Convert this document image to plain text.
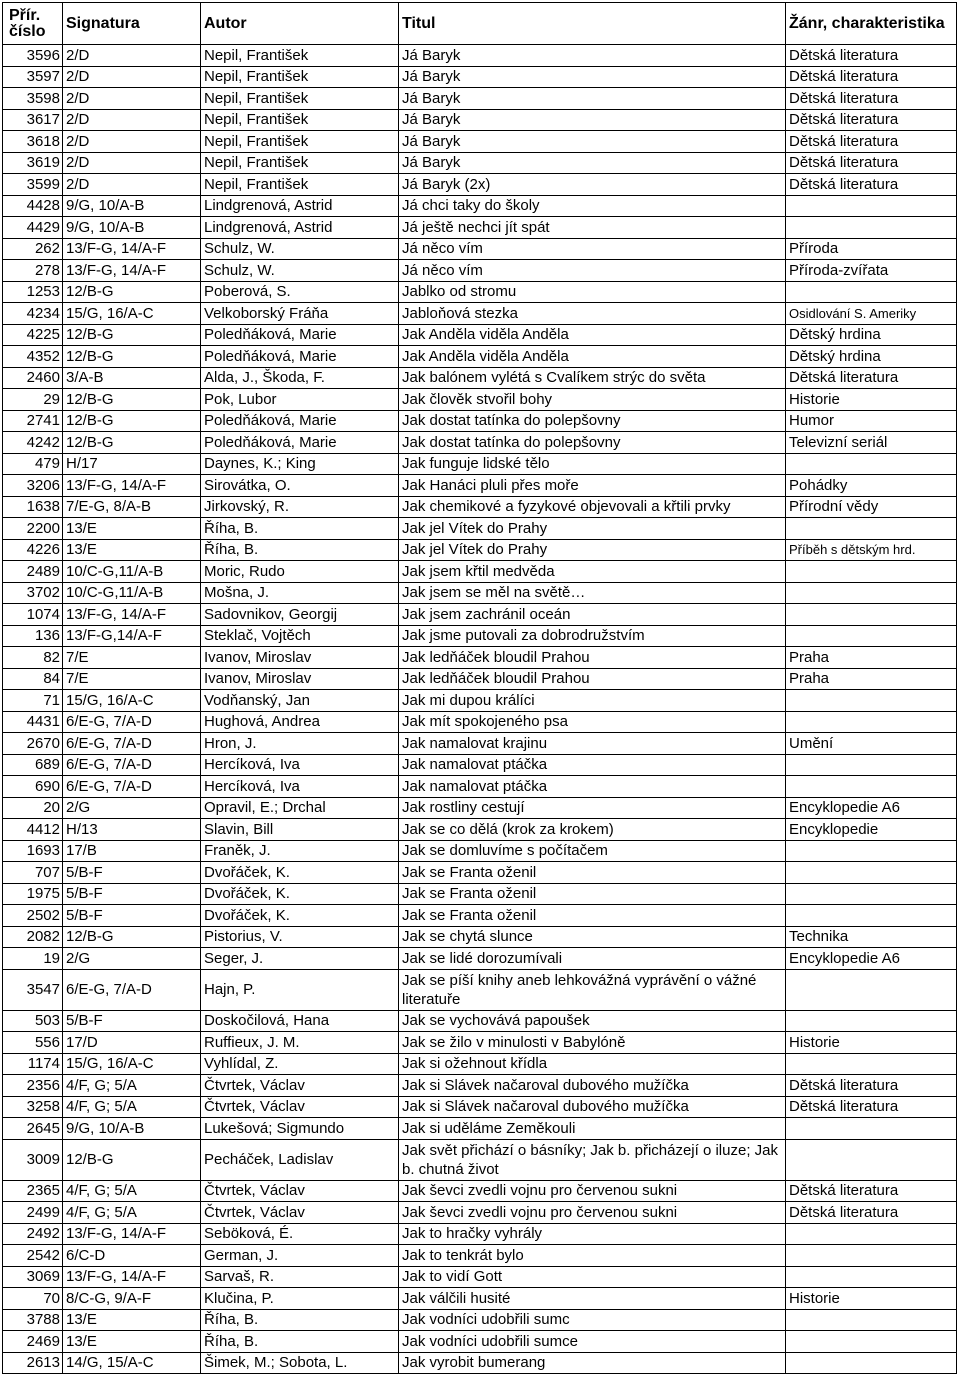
Přír. číslo	Signatura	Autor	Titul	Žánr, charakteristika
3596	2/D	Nepil, František	Já Baryk	Dětská literatura
3597	2/D	Nepil, František	Já Baryk	Dětská literatura
3598	2/D	Nepil, František	Já Baryk	Dětská literatura
3617	2/D	Nepil, František	Já Baryk	Dětská literatura
3618	2/D	Nepil, František	Já Baryk	Dětská literatura
3619	2/D	Nepil, František	Já Baryk	Dětská literatura
3599	2/D	Nepil, František	Já Baryk (2x)	Dětská literatura
4428	9/G, 10/A-B	Lindgrenová, Astrid	Já chci taky do školy	
4429	9/G, 10/A-B	Lindgrenová, Astrid	Já ještě nechci jít spát	
262	13/F-G, 14/A-F	Schulz, W.	Já něco vím	Příroda
278	13/F-G, 14/A-F	Schulz, W.	Já něco vím	Příroda-zvířata
1253	12/B-G	Poberová, S.	Jablko od stromu	
4234	15/G, 16/A-C	Velkoborský Fráňa	Jabloňová stezka	Osidlování S. Ameriky
4225	12/B-G	Poledňáková, Marie	Jak Anděla viděla Anděla	Dětský hrdina
4352	12/B-G	Poledňáková, Marie	Jak Anděla viděla Anděla	Dětský hrdina
2460	3/A-B	Alda, J., Škoda, F.	Jak balónem vylétá s Cvalíkem strýc do světa	Dětská literatura
29	12/B-G	Pok, Lubor	Jak člověk stvořil bohy	Historie
2741	12/B-G	Poledňáková, Marie	Jak dostat tatínka do polepšovny	Humor
4242	12/B-G	Poledňáková, Marie	Jak dostat tatínka do polepšovny	Televizní seriál
479	H/17	Daynes, K.; King	Jak funguje lidské tělo	
3206	13/F-G, 14/A-F	Sirovátka, O.	Jak Hanáci pluli přes moře	Pohádky
1638	7/E-G, 8/A-B	Jirkovský, R.	Jak chemikové a fyzykové objevovali a křtili prvky	Přírodní vědy
2200	13/E	Říha, B.	Jak jel Vítek do Prahy	
4226	13/E	Říha, B.	Jak jel Vítek do Prahy	Příběh s dětským hrd.
2489	10/C-G,11/A-B	Moric, Rudo	Jak jsem křtil medvěda	
3702	10/C-G,11/A-B	Mošna, J.	Jak jsem se měl na světě…	
1074	13/F-G, 14/A-F	Sadovnikov, Georgij	Jak jsem zachránil oceán	
136	13/F-G,14/A-F	Steklač, Vojtěch	Jak jsme putovali za dobrodružstvím	
82	7/E	Ivanov, Miroslav	Jak ledňáček bloudil Prahou	Praha
84	7/E	Ivanov, Miroslav	Jak ledňáček bloudil Prahou	Praha
71	15/G, 16/A-C	Vodňanský, Jan	Jak mi dupou králíci	
4431	6/E-G, 7/A-D	Hughová, Andrea	Jak mít spokojeného psa	
2670	6/E-G, 7/A-D	Hron, J.	Jak namalovat krajinu	Umění
689	6/E-G, 7/A-D	Hercíková, Iva	Jak namalovat ptáčka	
690	6/E-G, 7/A-D	Hercíková, Iva	Jak namalovat ptáčka	
20	2/G	Opravil, E.; Drchal	Jak rostliny cestují	Encyklopedie A6
4412	H/13	Slavin, Bill	Jak se co dělá (krok za krokem)	Encyklopedie
1693	17/B	Franěk, J.	Jak se domluvíme s počítačem	
707	5/B-F	Dvořáček, K.	Jak se Franta oženil	
1975	5/B-F	Dvořáček, K.	Jak se Franta oženil	
2502	5/B-F	Dvořáček, K.	Jak se Franta oženil	
2082	12/B-G	Pistorius, V.	Jak se chytá slunce	Technika
19	2/G	Seger, J.	Jak se lidé dorozumívali	Encyklopedie A6
3547	6/E-G, 7/A-D	Hajn, P.	Jak se píší knihy aneb lehkovážná vyprávění o vážné literatuře	
503	5/B-F	Doskočilová, Hana	Jak se vychovává papoušek	
556	17/D	Ruffieux, J. M.	Jak se žilo v minulosti v Babylóně	Historie
1174	15/G, 16/A-C	Vyhlídal, Z.	Jak si ožehnout křídla	
2356	4/F, G; 5/A	Čtvrtek, Václav	Jak si Slávek načaroval dubového mužíčka	Dětská literatura
3258	4/F, G; 5/A	Čtvrtek, Václav	Jak si Slávek načaroval dubového mužíčka	Dětská literatura
2645	9/G, 10/A-B	Lukešová; Sigmundo	Jak si uděláme Zeměkouli	
3009	12/B-G	Pecháček, Ladislav	Jak svět přichází o básníky; Jak b. přicházejí o iluze; Jak b. chutná život	
2365	4/F, G; 5/A	Čtvrtek, Václav	Jak ševci zvedli vojnu pro červenou sukni	Dětská literatura
2499	4/F, G; 5/A	Čtvrtek, Václav	Jak ševci zvedli vojnu pro červenou sukni	Dětská literatura
2492	13/F-G, 14/A-F	Seböková, É.	Jak to hračky vyhrály	
2542	6/C-D	German, J.	Jak to tenkrát bylo	
3069	13/F-G, 14/A-F	Sarvaš, R.	Jak to vidí Gott	
70	8/C-G, 9/A-F	Klučina, P.	Jak válčili husité	Historie
3788	13/E	Říha, B.	Jak vodníci udobřili sumc	
2469	13/E	Říha, B.	Jak vodníci udobřili sumce	
2613	14/G, 15/A-C	Šimek, M.; Sobota, L.	Jak vyrobit bumerang	
